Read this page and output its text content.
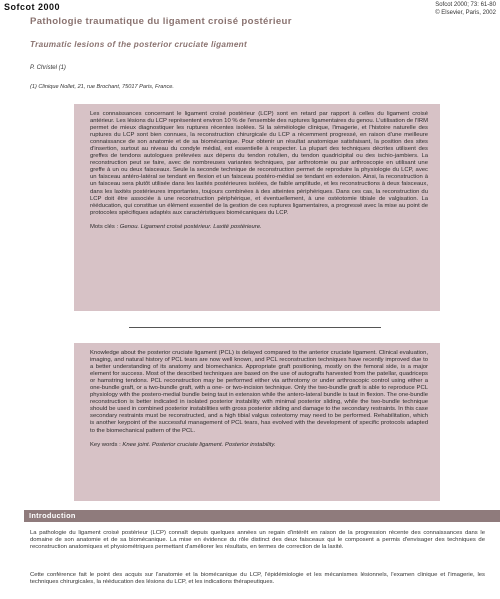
Sofcot 2000	Sofcot 2000; 73: 61-80
© Elsevier, Paris, 2002
Pathologie traumatique du ligament croisé postérieur
Traumatic lesions of the posterior cruciate ligament
P. Christel (1)
(1) Clinique Nollet, 21, rue Brochant, 75017 Paris, France.

Les connaissances concernant le ligament croisé postérieur (LCP) sont en retard par rapport à celles du ligament croisé antérieur. Les lésions du LCP représentent environ 10 % de l'ensemble des ruptures ligamentaires du genou. L'utilisation de l'IRM permet de mieux diagnostiquer les ruptures récentes isolées. Si la séméiologie clinique, l'imagerie, et l'histoire naturelle des ruptures du LCP sont bien connues, la reconstruction chirurgicale du LCP a récemment progressé, en raison d'une meilleure connaissance de son anatomie et de sa biomécanique. Pour obtenir un résultat anatomique satisfaisant, la position des sites d'insertion, surtout au niveau du condyle médial, est essentielle à respecter. La plupart des techniques décrites utilisent des greffes de tendons autologues prélevées aux dépens du tendon rotulien, du tendon quadricipital ou des ischio-jambiers. La reconstruction peut se faire, avec de nombreuses variantes techniques, par arthrotomie ou par arthroscopie en utilisant une greffe à un ou deux faisceaux. Seule la seconde technique de reconstruction permet de reproduire la physiologie du LCP, avec un faisceau antéro-latéral se tendant en flexion et un faisceau postéro-médial se tendant en extension. Ainsi, la reconstruction à un faisceau sera plutôt utilisée dans les laxités postérieures isolées, de faible amplitude, et les reconstructions à deux faisceaux, dans les laxités postérieures importantes, toujours combinées à des atteintes périphériques. Dans ces cas, la reconstruction du LCP doit être associée à une reconstruction périphérique, et éventuellement, à une ostéotomie tibiale de valgisation. La rééducation, qui constitue un élément essentiel de la gestion de ces ruptures ligamentaires, a progressé avec la mise au point de protocoles spécifiques adaptés aux caractéristiques biomécaniques du LCP.

Mots clés : Genou. Ligament croisé postérieur. Laxité postérieure.

Knowledge about the posterior cruciate ligament (PCL) is delayed compared to the anterior cruciate ligament. Clinical evaluation, imaging, and natural history of PCL tears are now well known, and PCL reconstruction techniques have recently improved due to a better understanding of its anatomy and biomechanics. Appropriate graft positioning, mostly on the femoral side, is a major element for success. Most of the described techniques are based on the use of autografts harvested from the patellar, quadriceps or hamstring tendons. PCL reconstruction may be performed either via arthrotomy or under arthroscopic control using either a one-bundle graft, or a two-bundle graft, with a one- or two-incision technique. Only the two-bundle graft is able to reproduce PCL physiology with the postero-medial bundle being taut in extension while the antero-lateral bundle is taut in flexion. The one-bundle reconstruction is better indicated in isolated posterior instability with minimal posterior sliding, while the two-bundle technique should be used in combined posterior instabilities with gross posterior sliding and damage to the secondary restraints. In this case secondary restraints must be reconstructed, and a high tibial valgus osteotomy may need to be performed. Rehabilitation, which is another keypoint of the successful management of PCL tears, has evolved with the development of specific protocols adapted to the biomechanical pattern of the PCL.

Key words : Knee joint. Posterior cruciate ligament. Posterior instability.

Introduction

La pathologie du ligament croisé postérieur (LCP) connaît depuis quelques années un regain d'intérêt en raison de la progression récente des connaissances dans le domaine de son anatomie et de sa biomécanique. La mise en évidence du rôle distinct des deux faisceaux qui le composent a permis d'envisager des techniques de reconstruction anatomiques et physiométriques permettant d'améliorer les résultats, en termes de correction de la laxité.

Cette conférence fait le point des acquis sur l'anatomie et la biomécanique du LCP, l'épidémiologie et les mécanismes lésionnels, l'examen clinique et l'imagerie, les techniques chirurgicales, la rééducation des lésions du LCP, et les indications thérapeutiques.
